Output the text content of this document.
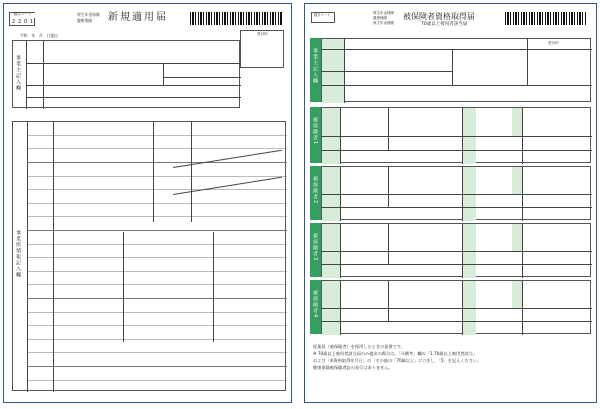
様式コード
2 2 0 1
厚生年金保険
健康保険 新規適用届
令和　年　月　日提出	受付印
事業主記入欄
事業所情報記入欄
様式コード	厚生年金保険
健康保険
厚生年金保険
被保険者資格取得届
70歳以上被用者該当届
事業主記入欄
受付印
被保険者1
被保険者2
被保険者3
被保険者4
従業員（被保険者）を採用したときの届書です。
※ 70歳以上被用者該当届のみ提出の場合は、「⑭備考」欄の「1.70歳以上被用者該当」
および「⑤資格取得年月日」の「その他の「70歳以上」に○をし、「5」を記入ください。
健康保険被保険者証の発行はありません。
